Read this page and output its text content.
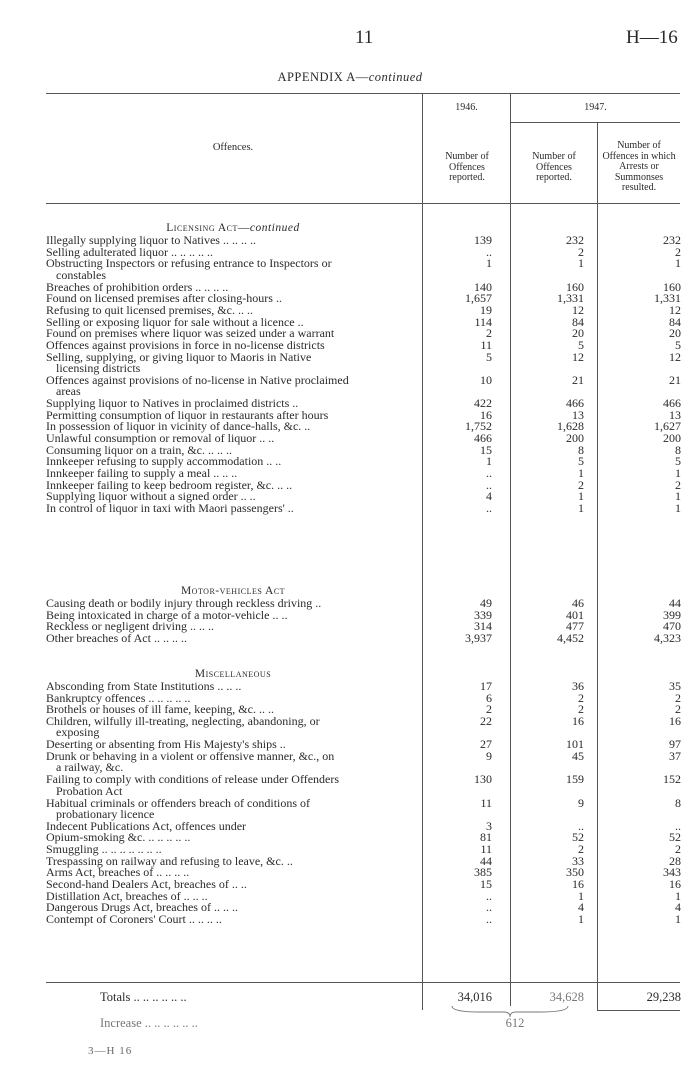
11	H—16
APPENDIX A—continued
Offences.
1946.	1947.
Number of Offences reported.
Number of Offences reported.
Number of Offences in which Arrests or Summonses resulted.
Licensing Act—continued
Motor-vehicles Act
Miscellaneous
Illegally supplying liquor to Natives .. .. .. ..	139	232	232
Selling adulterated liquor .. .. .. .. ..	..	2	2
Obstructing Inspectors or refusing entrance to Inspectors or
constables
1	1	1
Breaches of prohibition orders .. .. .. ..	140	160	160
Found on licensed premises after closing-hours ..	1,657	1,331	1,331
Refusing to quit licensed premises, &c. .. ..	19	12	12
Selling or exposing liquor for sale without a licence ..	114	84	84
Found on premises where liquor was seized under a warrant	2	20	20
Offences against provisions in force in no-license districts	11	5	5
Selling, supplying, or giving liquor to Maoris in Native
licensing districts
5	12	12
Offences against provisions of no-license in Native proclaimed
areas
10	21	21
Supplying liquor to Natives in proclaimed districts ..	422	466	466
Permitting consumption of liquor in restaurants after hours	16	13	13
In possession of liquor in vicinity of dance-halls, &c. ..	1,752	1,628	1,627
Unlawful consumption or removal of liquor .. ..	466	200	200
Consuming liquor on a train, &c. .. .. ..	15	8	8
Innkeeper refusing to supply accommodation .. ..	1	5	5
Innkeeper failing to supply a meal .. .. ..	..	1	1
Innkeeper failing to keep bedroom register, &c. .. ..	..	2	2
Supplying liquor without a signed order .. ..	4	1	1
In control of liquor in taxi with Maori passengers' ..	..	1	1
Causing death or bodily injury through reckless driving ..	49	46	44
Being intoxicated in charge of a motor-vehicle .. ..	339	401	399
Reckless or negligent driving .. .. ..	314	477	470
Other breaches of Act .. .. .. ..	3,937	4,452	4,323
Absconding from State Institutions .. .. ..	17	36	35
Bankruptcy offences .. .. .. .. ..	6	2	2
Brothels or houses of ill fame, keeping, &c. .. ..	2	2	2
Children, wilfully ill-treating, neglecting, abandoning, or
exposing
22	16	16
Deserting or absenting from His Majesty's ships ..	27	101	97
Drunk or behaving in a violent or offensive manner, &c., on
a railway, &c.
9	45	37
Failing to comply with conditions of release under Offenders
Probation Act
130	159	152
Habitual criminals or offenders breach of conditions of
probationary licence
11	9	8
Indecent Publications Act, offences under	3	..	..
Opium-smoking &c. .. .. .. .. ..	81	52	52
Smuggling .. .. .. .. .. .. ..	11	2	2
Trespassing on railway and refusing to leave, &c. ..	44	33	28
Arms Act, breaches of .. .. .. ..	385	350	343
Second-hand Dealers Act, breaches of .. ..	15	16	16
Distillation Act, breaches of .. .. ..	..	1	1
Dangerous Drugs Act, breaches of .. .. ..	..	4	4
Contempt of Coroners' Court .. .. .. ..	..	1	1
Totals .. .. .. .. .. ..	34,016	34,628	29,238
Increase .. .. .. .. .. ..	612
3—H 16
